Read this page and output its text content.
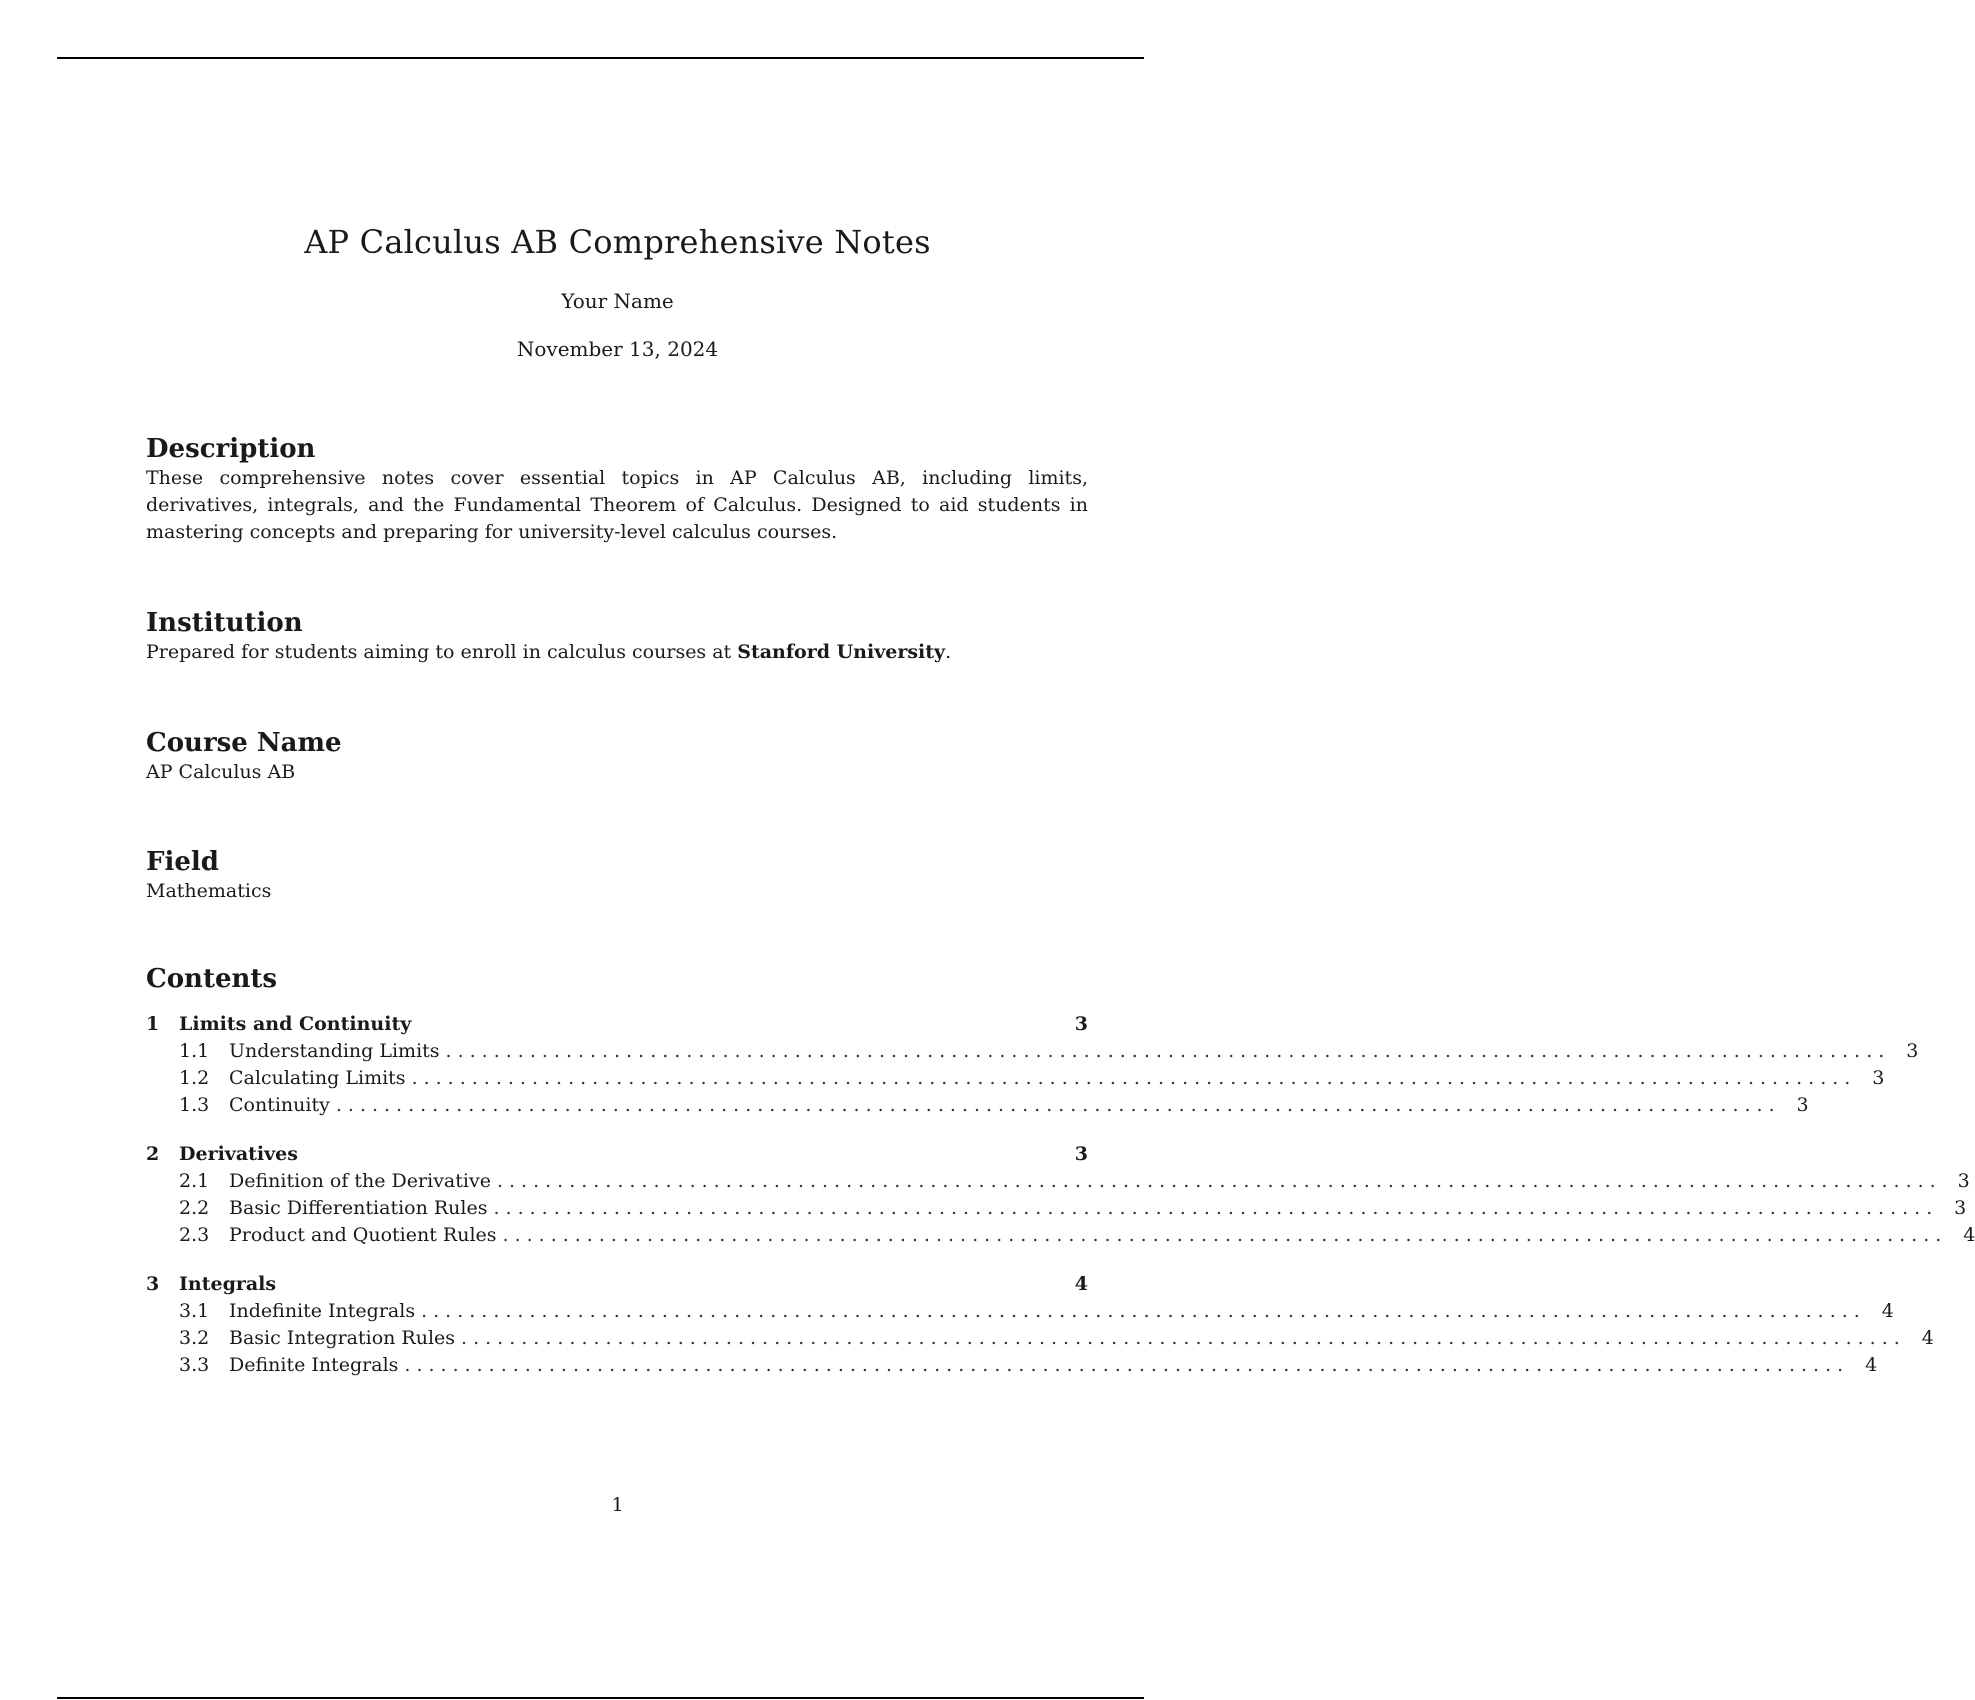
AP Calculus AB Comprehensive Notes
Your Name
November 13, 2024
Description

These comprehensive notes cover essential topics in AP Calculus AB, including limits, derivatives, integrals, and the Fundamental Theorem of Calculus. Designed to aid students in mastering concepts and preparing for university-level calculus courses.

Institution

Prepared for students aiming to enroll in calculus courses at Stanford University.

Course Name

AP Calculus AB

Field

Mathematics

Contents
1	Limits and Continuity	3
1.1	Understanding Limits ........................................................................................................................ 3
1.2	Calculating Limits ........................................................................................................................ 3
1.3	Continuity ........................................................................................................................ 3
2	Derivatives	3
2.1	Definition of the Derivative ........................................................................................................................ 3
2.2	Basic Differentiation Rules ........................................................................................................................ 3
2.3	Product and Quotient Rules ........................................................................................................................ 4
3	Integrals	4
3.1	Indefinite Integrals ........................................................................................................................ 4
3.2	Basic Integration Rules ........................................................................................................................ 4
3.3	Definite Integrals ........................................................................................................................ 4
1
